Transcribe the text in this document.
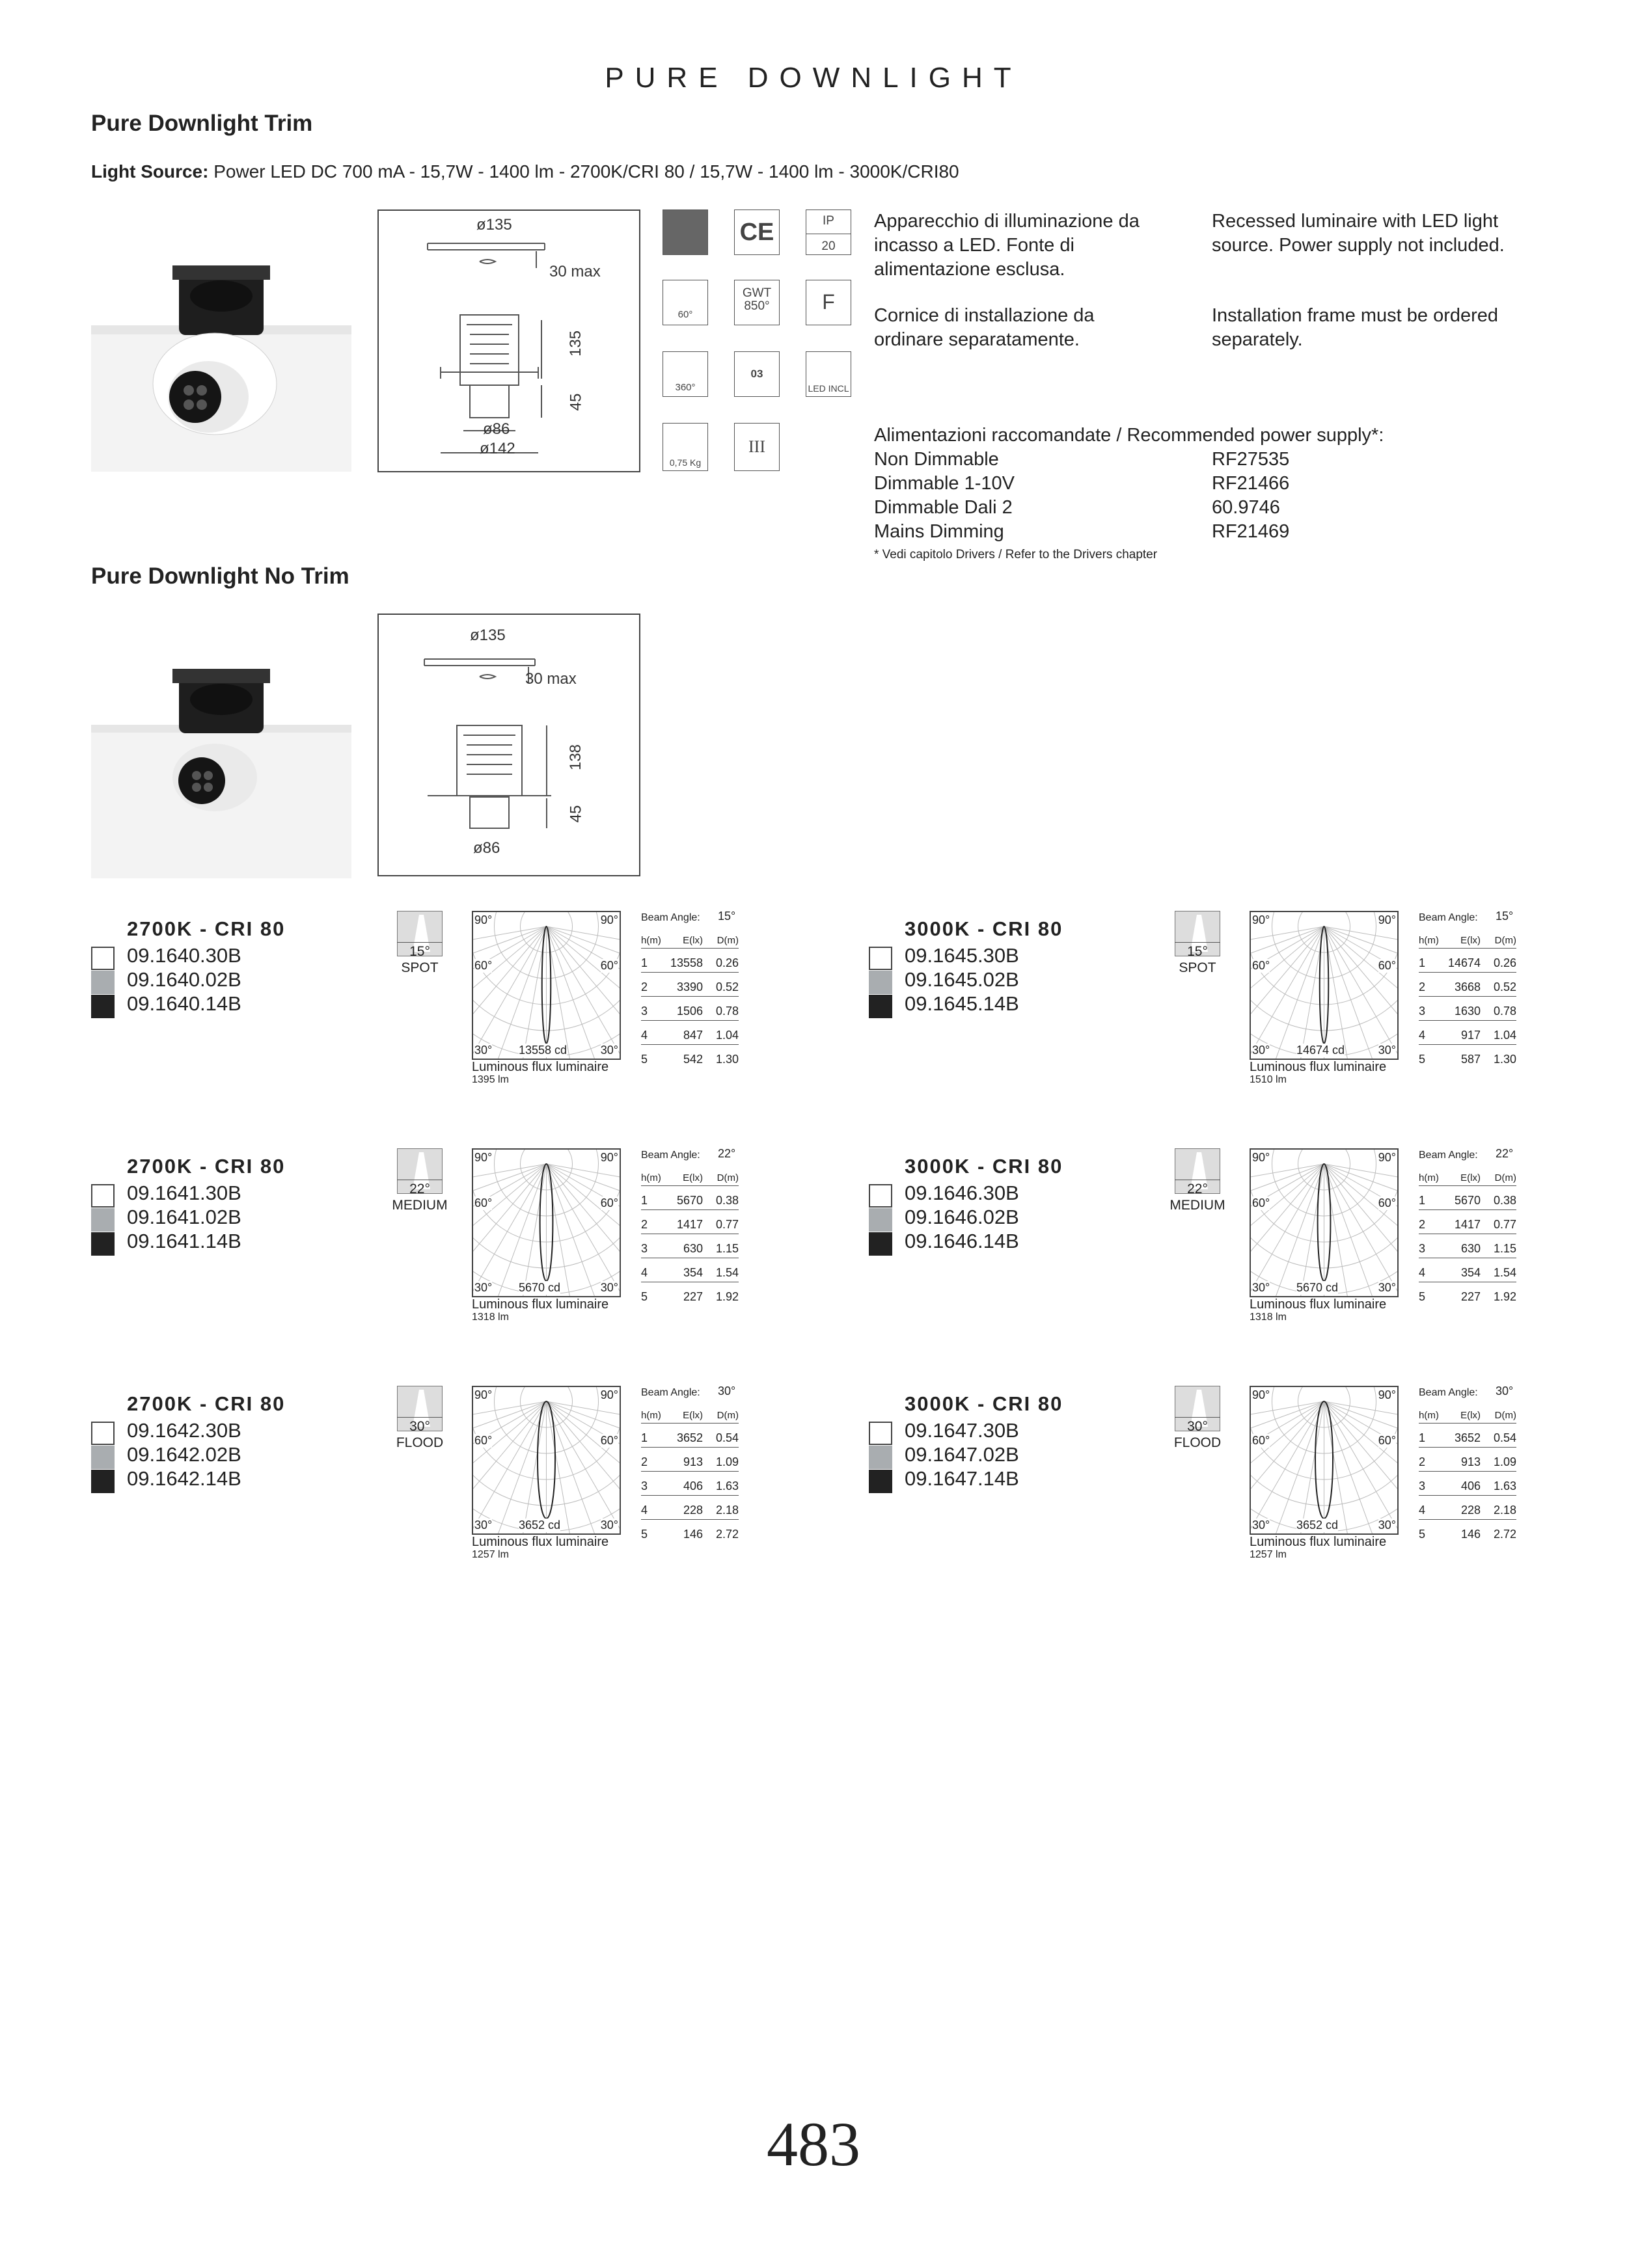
PURE DOWNLIGHT
Pure Downlight Trim
Light Source: Power LED DC 700 mA - 15,7W - 1400 lm - 2700K/CRI 80 / 15,7W - 1400 lm - 3000K/CRI80
ø135
30 max
135
45
ø86
ø142
CE	IP
20
60°
GWT
850°	F
360°
03
LED INCL
0,75 Kg
III
Apparecchio di illuminazione da incasso a LED. Fonte di alimentazione esclusa.
Recessed luminaire with LED light source. Power supply not included.
Cornice di installazione da ordinare separatamente.
Installation frame must be ordered separately.
Alimentazioni raccomandate / Recommended power supply*:
Non Dimmable	RF27535
Dimmable 1-10V	RF21466
Dimmable Dali 2	60.9746
Mains Dimming	RF21469
* Vedi capitolo Drivers / Refer to the Drivers chapter
Pure Downlight No Trim
ø135
30 max
138
45
ø86
2700K - CRI 80
09.1640.30B
09.1640.02B
09.1640.14B
15°
SPOT
90°	90°
60°	60°
30°	30°
13558 cd
Luminous flux luminaire
1395 lm
Beam Angle: 15°
h(m)	E(lx)	D(m)
1	13558	0.26
2	3390	0.52
3	1506	0.78
4	847	1.04
5	542	1.30
3000K - CRI 80
09.1645.30B
09.1645.02B
09.1645.14B
15°
SPOT
90°	90°
60°	60°
30°	30°
14674 cd
Luminous flux luminaire
1510 lm
Beam Angle: 15°
h(m)	E(lx)	D(m)
1	14674	0.26
2	3668	0.52
3	1630	0.78
4	917	1.04
5	587	1.30
2700K - CRI 80
09.1641.30B
09.1641.02B
09.1641.14B
22°
MEDIUM
90°	90°
60°	60°
30°	30°
5670 cd
Luminous flux luminaire
1318 lm
Beam Angle: 22°
h(m)	E(lx)	D(m)
1	5670	0.38
2	1417	0.77
3	630	1.15
4	354	1.54
5	227	1.92
3000K - CRI 80
09.1646.30B
09.1646.02B
09.1646.14B
22°
MEDIUM
90°	90°
60°	60°
30°	30°
5670 cd
Luminous flux luminaire
1318 lm
Beam Angle: 22°
h(m)	E(lx)	D(m)
1	5670	0.38
2	1417	0.77
3	630	1.15
4	354	1.54
5	227	1.92
2700K - CRI 80
09.1642.30B
09.1642.02B
09.1642.14B
30°
FLOOD
90°	90°
60°	60°
30°	30°
3652 cd
Luminous flux luminaire
1257 lm
Beam Angle: 30°
h(m)	E(lx)	D(m)
1	3652	0.54
2	913	1.09
3	406	1.63
4	228	2.18
5	146	2.72
3000K - CRI 80
09.1647.30B
09.1647.02B
09.1647.14B
30°
FLOOD
90°	90°
60°	60°
30°	30°
3652 cd
Luminous flux luminaire
1257 lm
Beam Angle: 30°
h(m)	E(lx)	D(m)
1	3652	0.54
2	913	1.09
3	406	1.63
4	228	2.18
5	146	2.72
483
